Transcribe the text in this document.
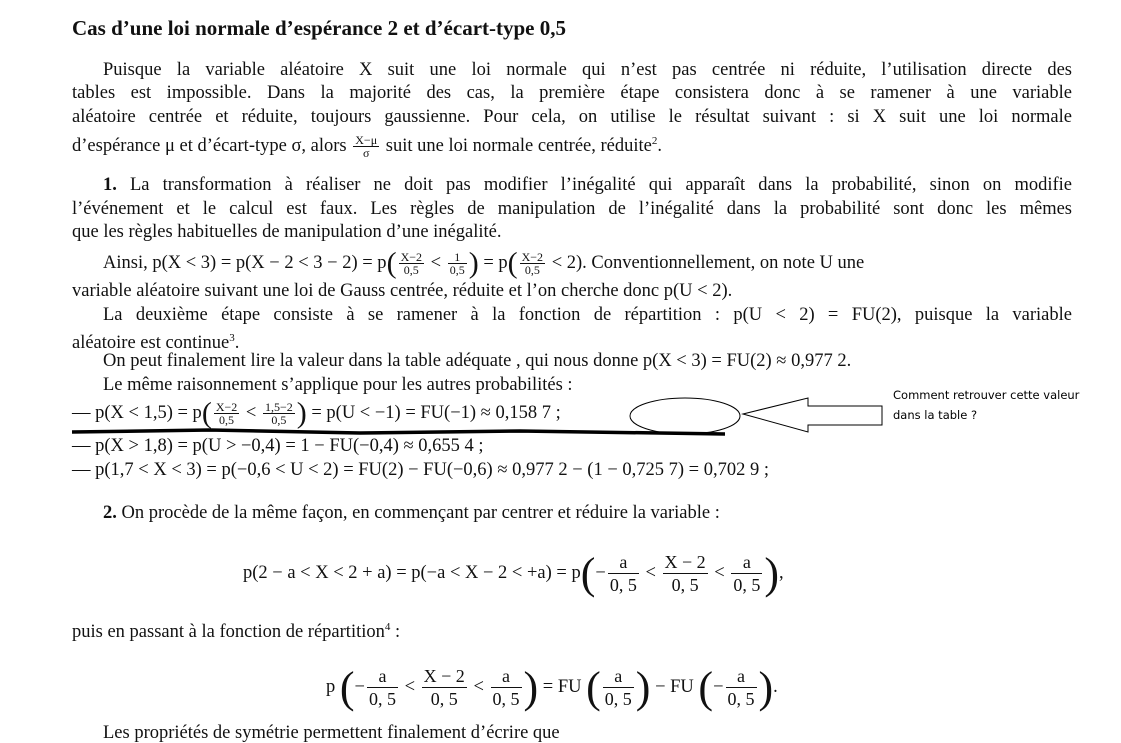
Cas d’une loi normale d’espérance 2 et d’écart-type 0,5
Puisque la variable aléatoire X suit une loi normale qui n’est pas centrée ni réduite, l’utilisation directe des
tables est impossible. Dans la majorité des cas, la première étape consistera donc à se ramener à une variable
aléatoire centrée et réduite, toujours gaussienne. Pour cela, on utilise le résultat suivant : si X suit une loi normale
d’espérance μ et d’écart-type σ, alors $\frac{X-\mu}{\sigma}$ suit une loi normale centrée, réduite$^2$.
1. La transformation à réaliser ne doit pas modifier l’inégalité qui apparaît dans la probabilité, sinon on modifie
l’événement et le calcul est faux. Les règles de manipulation de l’inégalité dans la probabilité sont donc les mêmes
que les règles habituelles de manipulation d’une inégalité.
Ainsi, $p(X < 3) = p(X - 2 < 3 - 2) = p( \frac{X-2}{0,5} < \frac{1}{0,5}$ ) = $p( \frac{X-2}{0,5} < 2)$. Conventionnellement, on note U une
variable aléatoire suivant une loi de Gauss centrée, réduite et l’on cherche donc p(U < 2).
La deuxième étape consiste à se ramener à la fonction de répartition : p(U < 2) = FU(2), puisque la variable
aléatoire est continue$^3$.
On peut finalement lire la valeur dans la table adéquate , qui nous donne p(X < 3) = FU(2) ≈ 0,977 2.
Le même raisonnement s’applique pour les autres probabilités :
— $p(X < 1,5) = p( \frac{X-2}{0,5} < \frac{1,5-2}{0,5}$ ) = p(U < −1) = FU(−1) ≈ 0,158 7 ;
— p(X > 1,8) = p(U > −0,4) = 1 − FU(−0,4) ≈ 0,655 4 ;
— p(1,7 < X < 3) = p(−0,6 < U < 2) = FU(2) − FU(−0,6) ≈ 0,977 2 − (1 − 0,725 7) = 0,702 9 ;
Comment retrouver cette valeur
dans la table ?
2. On procède de la même façon, en commençant par centrer et réduire la variable :
$p(2 - a < X < 2 + a) = p(-a < X - 2 < +a) = p(- \frac{a}{0, 5} < \frac{X - 2}{0, 5} < \frac{a}{0, 5}$ ),
puis en passant à la fonction de répartition$^4$ :
p (− $\frac{a}{0, 5} < \frac{X - 2}{0, 5} < \frac{a}{0, 5}$ ) = FU ( $\frac{a}{0, 5}$ ) − FU (− $\frac{a}{0, 5}$ ).
Les propriétés de symétrie permettent finalement d’écrire que
